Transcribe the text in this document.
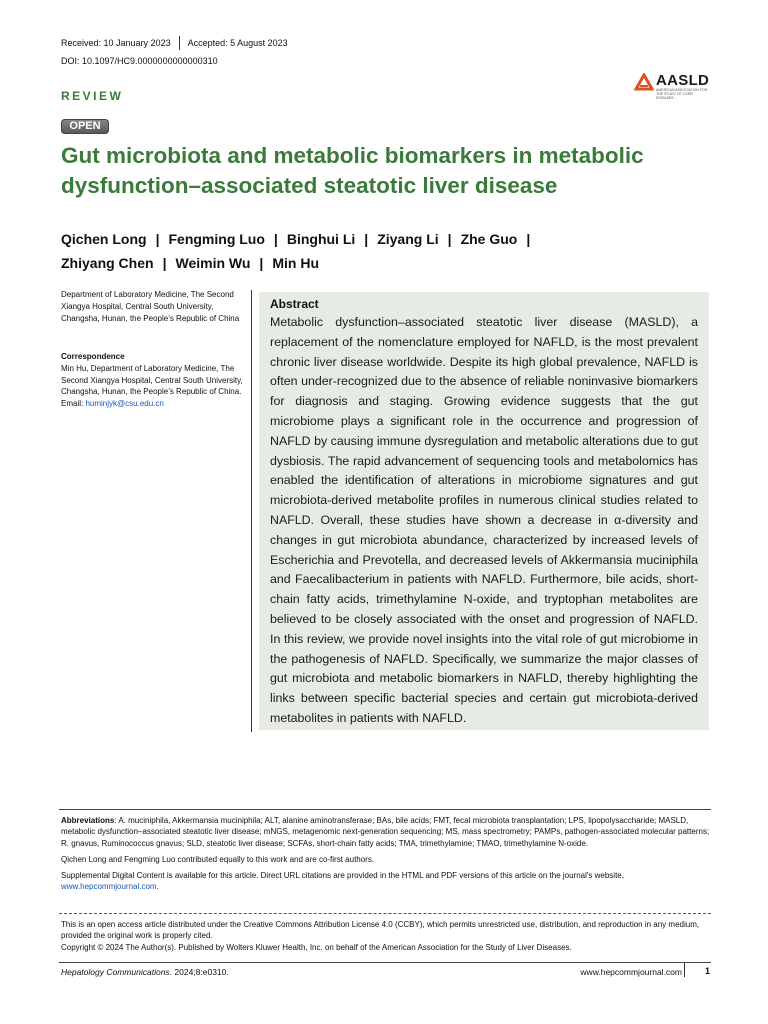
Received: 10 January 2023 Accepted: 5 August 2023
DOI: 10.1097/HC9.0000000000000310
AASLD
AMERICAN ASSOCIATION FOR THE STUDY OF LIVER DISEASES
REVIEW
OPEN
Gut microbiota and metabolic biomarkers in metabolic dysfunction–associated steatotic liver disease
Qichen Long | Fengming Luo | Binghui Li | Ziyang Li | Zhe Guo |
Zhiyang Chen | Weimin Wu | Min Hu
Department of Laboratory Medicine, The Second Xiangya Hospital, Central South University, Changsha, Hunan, the People’s Republic of China
Correspondence
Min Hu, Department of Laboratory Medicine, The Second Xiangya Hospital, Central South University, Changsha, Hunan, the People’s Republic of China.
Email: huminjyk@csu.edu.cn
Abstract

Metabolic dysfunction–associated steatotic liver disease (MASLD), a replacement of the nomenclature employed for NAFLD, is the most prevalent chronic liver disease worldwide. Despite its high global prevalence, NAFLD is often under-recognized due to the absence of reliable noninvasive biomarkers for diagnosis and staging. Growing evidence suggests that the gut microbiome plays a significant role in the occurrence and progression of NAFLD by causing immune dysregulation and metabolic alterations due to gut dysbiosis. The rapid advancement of sequencing tools and metabolomics has enabled the identification of alterations in microbiome signatures and gut microbiota-derived metabolite profiles in numerous clinical studies related to NAFLD. Overall, these studies have shown a decrease in α-diversity and changes in gut microbiota abundance, characterized by increased levels of Escherichia and Prevotella, and decreased levels of Akkermansia muciniphila and Faecalibacterium in patients with NAFLD. Furthermore, bile acids, short-chain fatty acids, trimethylamine N-oxide, and tryptophan metabolites are believed to be closely associated with the onset and progression of NAFLD. In this review, we provide novel insights into the vital role of gut microbiome in the pathogenesis of NAFLD. Specifically, we summarize the major classes of gut microbiota and metabolic biomarkers in NAFLD, thereby highlighting the links between specific bacterial species and certain gut microbiota-derived metabolites in patients with NAFLD.

Abbreviations: A. muciniphila, Akkermansia muciniphila; ALT, alanine aminotransferase; BAs, bile acids; FMT, fecal microbiota transplantation; LPS, lipopolysaccharide; MASLD, metabolic dysfunction–associated steatotic liver disease; mNGS, metagenomic next-generation sequencing; MS, mass spectrometry; PAMPs, pathogen-associated molecular patterns; R. gnavus, Ruminococcus gnavus; SLD, steatotic liver disease; SCFAs, short-chain fatty acids; TMA, trimethylamine; TMAO, trimethylamine N-oxide.

Qichen Long and Fengming Luo contributed equally to this work and are co-first authors.

Supplemental Digital Content is available for this article. Direct URL citations are provided in the HTML and PDF versions of this article on the journal's website, www.hepcommjournal.com.

This is an open access article distributed under the Creative Commons Attribution License 4.0 (CCBY), which permits unrestricted use, distribution, and reproduction in any medium, provided the original work is properly cited.

Copyright © 2024 The Author(s). Published by Wolters Kluwer Health, Inc. on behalf of the American Association for the Study of Liver Diseases.

Hepatology Communications. 2024;8:e0310.	www.hepcommjournal.com	1
